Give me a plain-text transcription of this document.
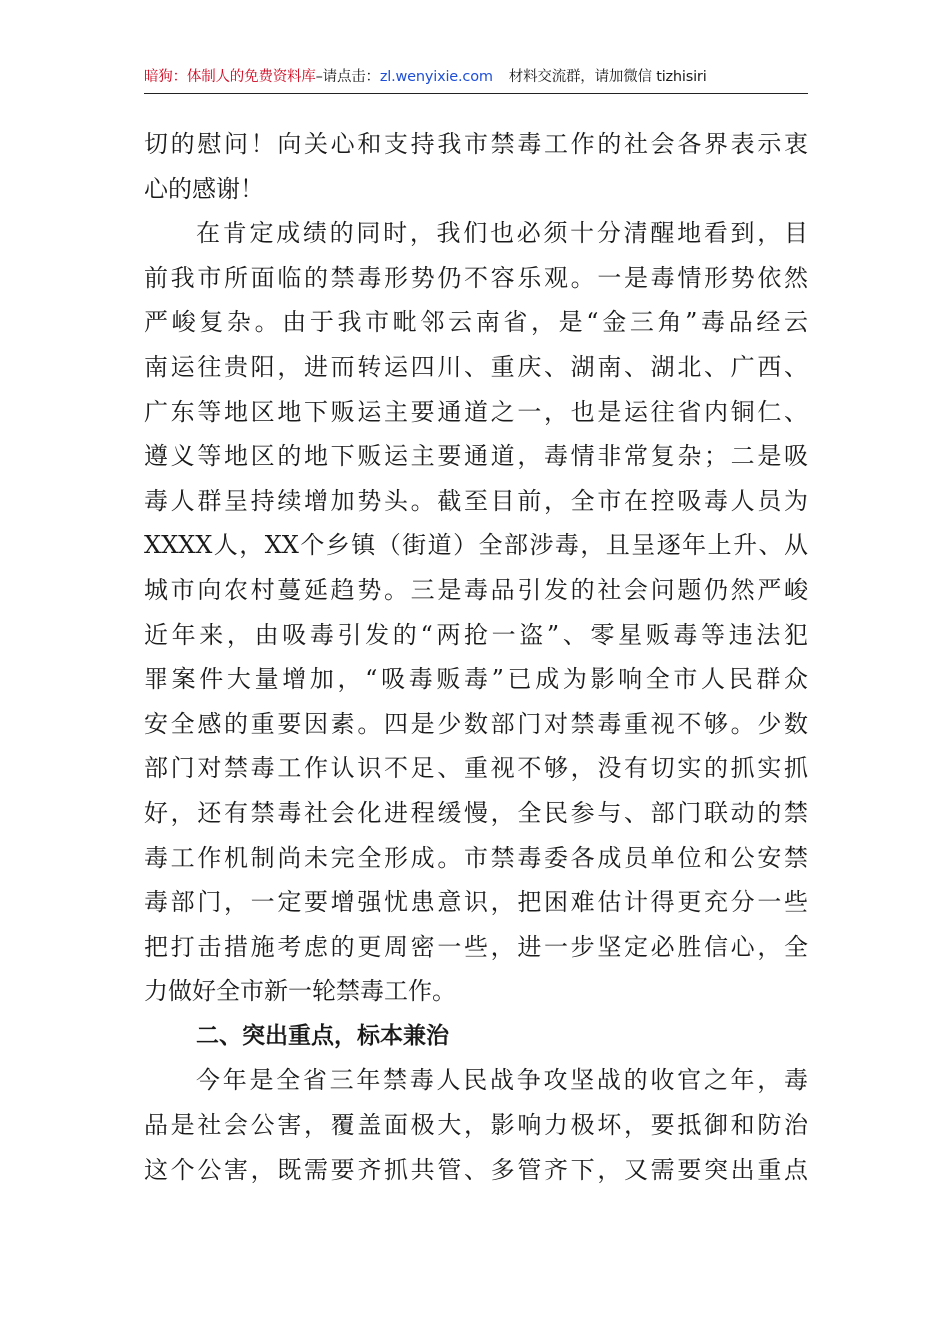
暗狗：体制人的免费资料库–请点击：zl.wenyixie.com 材料交流群，请加微信 tizhisiri
切的慰问！向关心和支持我市禁毒工作的社会各界表示衷
心的感谢！
在肯定成绩的同时，我们也必须十分清醒地看到，目
前我市所面临的禁毒形势仍不容乐观。一是毒情形势依然
严峻复杂。由于我市毗邻云南省，是“金三角”毒品经云
南运往贵阳，进而转运四川、重庆、湖南、湖北、广西、
广东等地区地下贩运主要通道之一，也是运往省内铜仁、
遵义等地区的地下贩运主要通道，毒情非常复杂；二是吸
毒人群呈持续增加势头。截至目前，全市在控吸毒人员为
XXXX人，XX个乡镇（街道）全部涉毒，且呈逐年上升、从
城市向农村蔓延趋势。三是毒品引发的社会问题仍然严峻
近年来，由吸毒引发的“两抢一盗”、零星贩毒等违法犯
罪案件大量增加，“吸毒贩毒”已成为影响全市人民群众
安全感的重要因素。四是少数部门对禁毒重视不够。少数
部门对禁毒工作认识不足、重视不够，没有切实的抓实抓
好，还有禁毒社会化进程缓慢，全民参与、部门联动的禁
毒工作机制尚未完全形成。市禁毒委各成员单位和公安禁
毒部门，一定要增强忧患意识，把困难估计得更充分一些
把打击措施考虑的更周密一些，进一步坚定必胜信心，全
力做好全市新一轮禁毒工作。
二、突出重点，标本兼治
今年是全省三年禁毒人民战争攻坚战的收官之年，毒
品是社会公害，覆盖面极大，影响力极坏，要抵御和防治
这个公害，既需要齐抓共管、多管齐下，又需要突出重点
